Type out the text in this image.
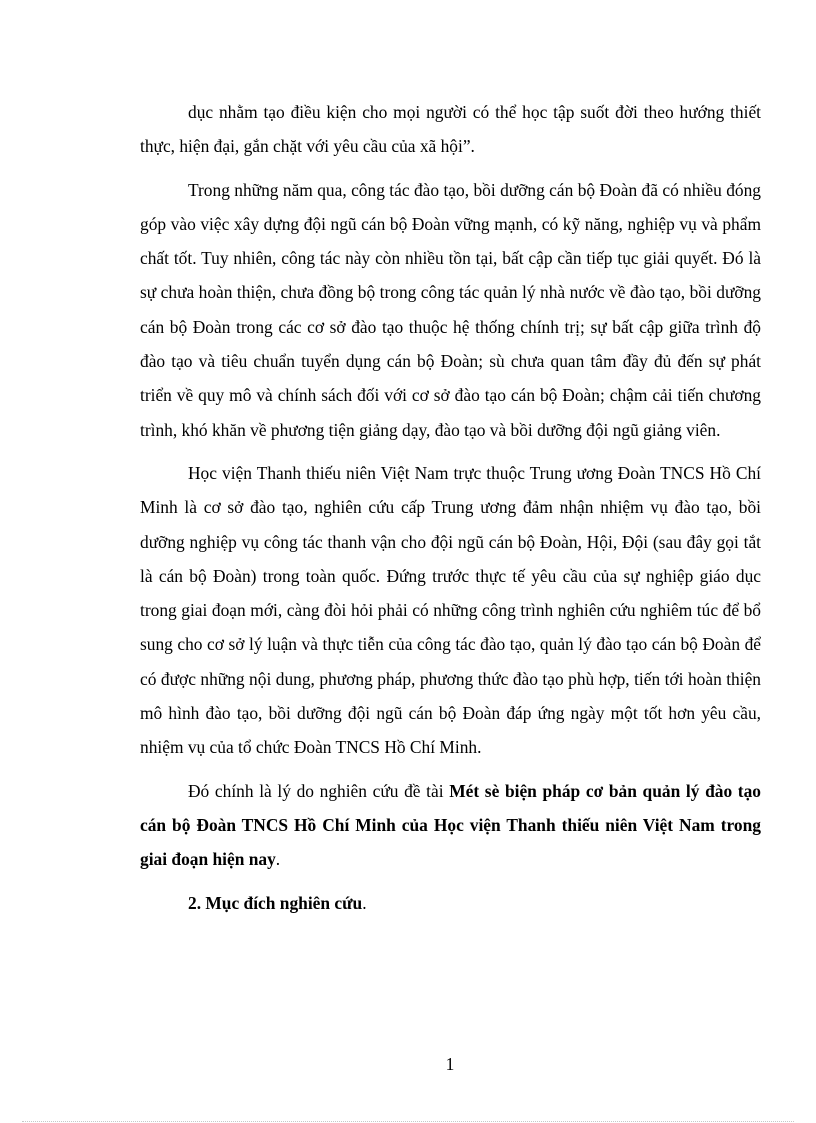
dục nhằm tạo điều kiện cho mọi người có thể học tập suốt đời theo hướng thiết thực, hiện đại, gắn chặt với yêu cầu của xã hội”.

Trong những năm qua, công tác đào tạo, bồi dưỡng cán bộ Đoàn đã có nhiều đóng góp vào việc xây dựng đội ngũ cán bộ Đoàn vững mạnh, có kỹ năng, nghiệp vụ và phẩm chất tốt. Tuy nhiên, công tác này còn nhiều tồn tại, bất cập cần tiếp tục giải quyết. Đó là sự chưa hoàn thiện, chưa đồng bộ trong công tác quản lý nhà nước về đào tạo, bồi dưỡng cán bộ Đoàn trong các cơ sở đào tạo thuộc hệ thống chính trị; sự bất cập giữa trình độ đào tạo và tiêu chuẩn tuyển dụng cán bộ Đoàn; sù chưa quan tâm đầy đủ đến sự phát triển về quy mô và chính sách đối với cơ sở đào tạo cán bộ Đoàn; chậm cải tiến chương trình, khó khăn về phương tiện giảng dạy, đào tạo và bồi dưỡng đội ngũ giảng viên.

Học viện Thanh thiếu niên Việt Nam trực thuộc Trung ương Đoàn TNCS Hồ Chí Minh là cơ sở đào tạo, nghiên cứu cấp Trung ương đảm nhận nhiệm vụ đào tạo, bồi dưỡng nghiệp vụ công tác thanh vận cho đội ngũ cán bộ Đoàn, Hội, Đội (sau đây gọi tắt là cán bộ Đoàn) trong toàn quốc. Đứng trước thực tế yêu cầu của sự nghiệp giáo dục trong giai đoạn mới, càng đòi hỏi phải có những công trình nghiên cứu nghiêm túc để bổ sung cho cơ sở lý luận và thực tiễn của công tác đào tạo, quản lý đào tạo cán bộ Đoàn để có được những nội dung, phương pháp, phương thức đào tạo phù hợp, tiến tới hoàn thiện mô hình đào tạo, bồi dưỡng đội ngũ cán bộ Đoàn đáp ứng ngày một tốt hơn yêu cầu, nhiệm vụ của tổ chức Đoàn TNCS Hồ Chí Minh.

Đó chính là lý do nghiên cứu đề tài Mét sè biện pháp cơ bản quản lý đào tạo cán bộ Đoàn TNCS Hồ Chí Minh của Học viện Thanh thiếu niên Việt Nam trong giai đoạn hiện nay.

2. Mục đích nghiên cứu.

1
